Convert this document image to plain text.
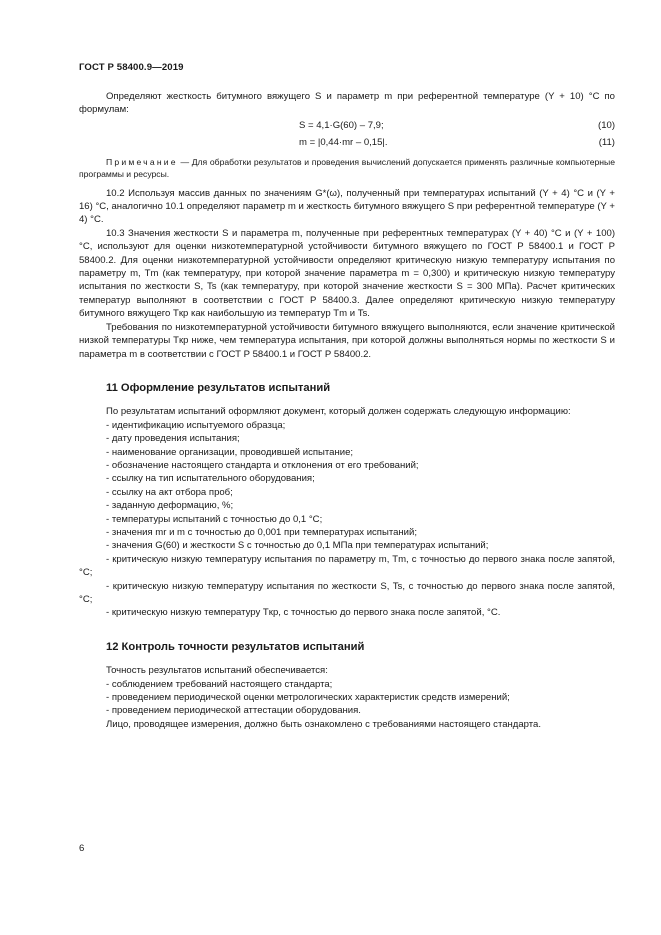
ГОСТ Р 58400.9—2019

Определяют жесткость битумного вяжущего S и параметр m при референтной температуре (Y + 10) °С по формулам:

S = 4,1·G(60) – 7,9;	(10)
m = |0,44·mr – 0,15|.	(11)

Примечание — Для обработки результатов и проведения вычислений допускается применять различные компьютерные программы и ресурсы.

10.2 Используя массив данных по значениям G*(ω), полученный при температурах испытаний (Y + 4) °С и (Y + 16) °С, аналогично 10.1 определяют параметр m и жесткость битумного вяжущего S при референтной температуре (Y + 4) °С.

10.3 Значения жесткости S и параметра m, полученные при референтных температурах (Y + 40) °С и (Y + 100) °С, используют для оценки низкотемпературной устойчивости битумного вяжущего по ГОСТ Р 58400.1 и ГОСТ Р 58400.2. Для оценки низкотемпературной устойчивости определяют критическую низкую температуру испытания по параметру m, Tm (как температуру, при которой значение параметра m = 0,300) и критическую низкую температуру испытания по жесткости S, Ts (как температуру, при которой значение жесткости S = 300 МПа). Расчет критических температур выполняют в соответствии с ГОСТ Р 58400.3. Далее определяют критическую низкую температуру битумного вяжущего Tкр как наибольшую из температур Tm и Ts.

Требования по низкотемпературной устойчивости битумного вяжущего выполняются, если значение критической низкой температуры Tкр ниже, чем температура испытания, при которой должны выполняться нормы по жесткости S и параметра m в соответствии с ГОСТ Р 58400.1 и ГОСТ Р 58400.2.

11 Оформление результатов испытаний

По результатам испытаний оформляют документ, который должен содержать следующую информацию:

- идентификацию испытуемого образца;

- дату проведения испытания;

- наименование организации, проводившей испытание;

- обозначение настоящего стандарта и отклонения от его требований;

- ссылку на тип испытательного оборудования;

- ссылку на акт отбора проб;

- заданную деформацию, %;

- температуры испытаний с точностью до 0,1 °С;

- значения mr и m с точностью до 0,001 при температурах испытаний;

- значения G(60) и жесткости S с точностью до 0,1 МПа при температурах испытаний;

- критическую низкую температуру испытания по параметру m, Tm, с точностью до первого знака после запятой, °С;

- критическую низкую температуру испытания по жесткости S, Ts, с точностью до первого знака после запятой, °С;

- критическую низкую температуру Tкр, с точностью до первого знака после запятой, °С.

12 Контроль точности результатов испытаний

Точность результатов испытаний обеспечивается:

- соблюдением требований настоящего стандарта;

- проведением периодической оценки метрологических характеристик средств измерений;

- проведением периодической аттестации оборудования.

Лицо, проводящее измерения, должно быть ознакомлено с требованиями настоящего стандарта.

6
